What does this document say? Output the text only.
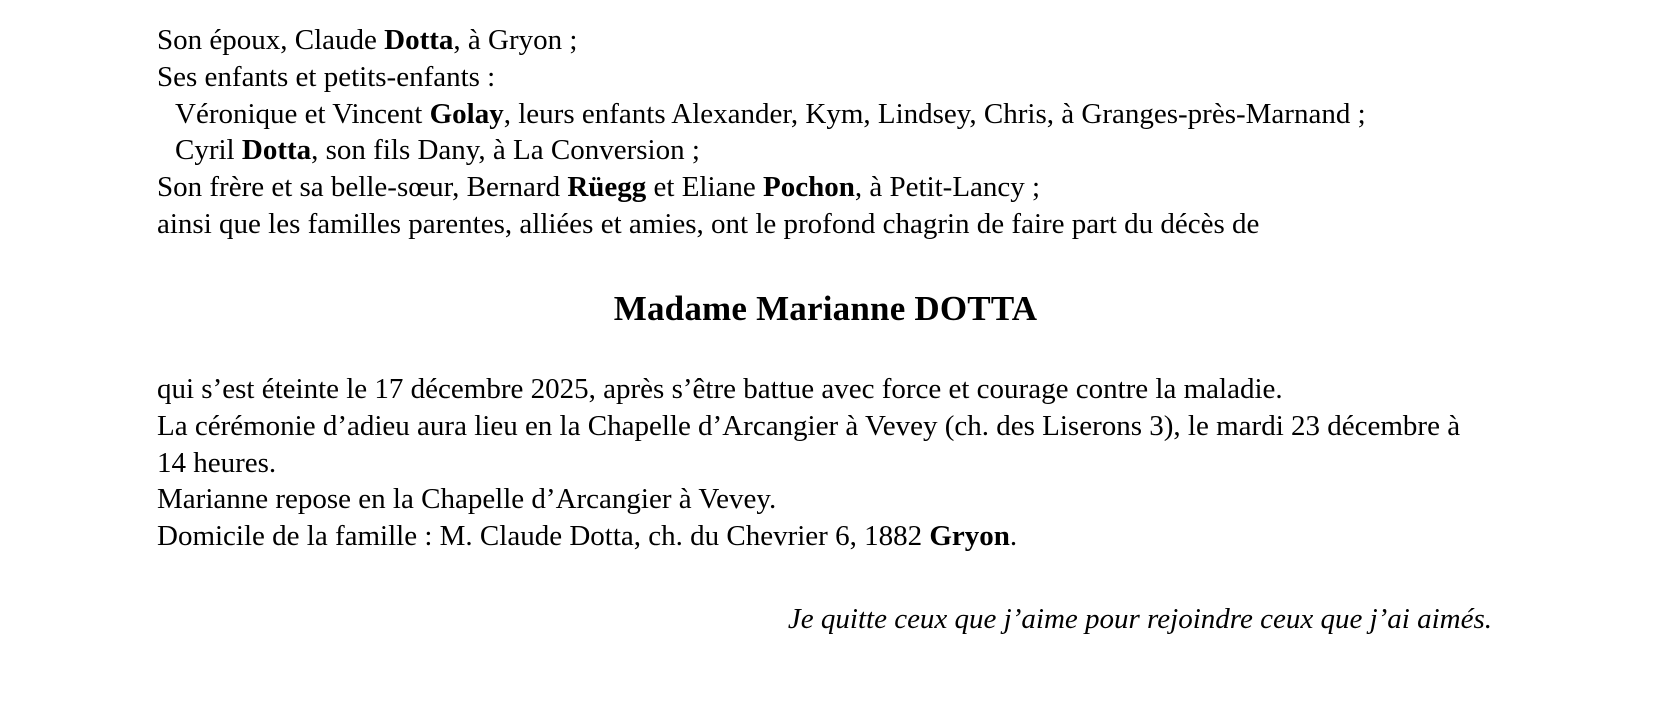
Son époux, Claude Dotta, à Gryon ;

Ses enfants et petits-enfants :

Véronique et Vincent Golay, leurs enfants Alexander, Kym, Lindsey, Chris, à Granges-près-Marnand ;

Cyril Dotta, son fils Dany, à La Conversion ;

Son frère et sa belle-sœur, Bernard Rüegg et Eliane Pochon, à Petit-Lancy ;

ainsi que les familles parentes, alliées et amies, ont le profond chagrin de faire part du décès de

Madame Marianne DOTTA

qui s’est éteinte le 17 décembre 2025, après s’être battue avec force et courage contre la maladie.

La cérémonie d’adieu aura lieu en la Chapelle d’Arcangier à Vevey (ch. des Liserons 3), le mardi 23 décembre à 14 heures.

Marianne repose en la Chapelle d’Arcangier à Vevey.

Domicile de la famille : M. Claude Dotta, ch. du Chevrier 6, 1882 Gryon.

Je quitte ceux que j’aime pour rejoindre ceux que j’ai aimés.
